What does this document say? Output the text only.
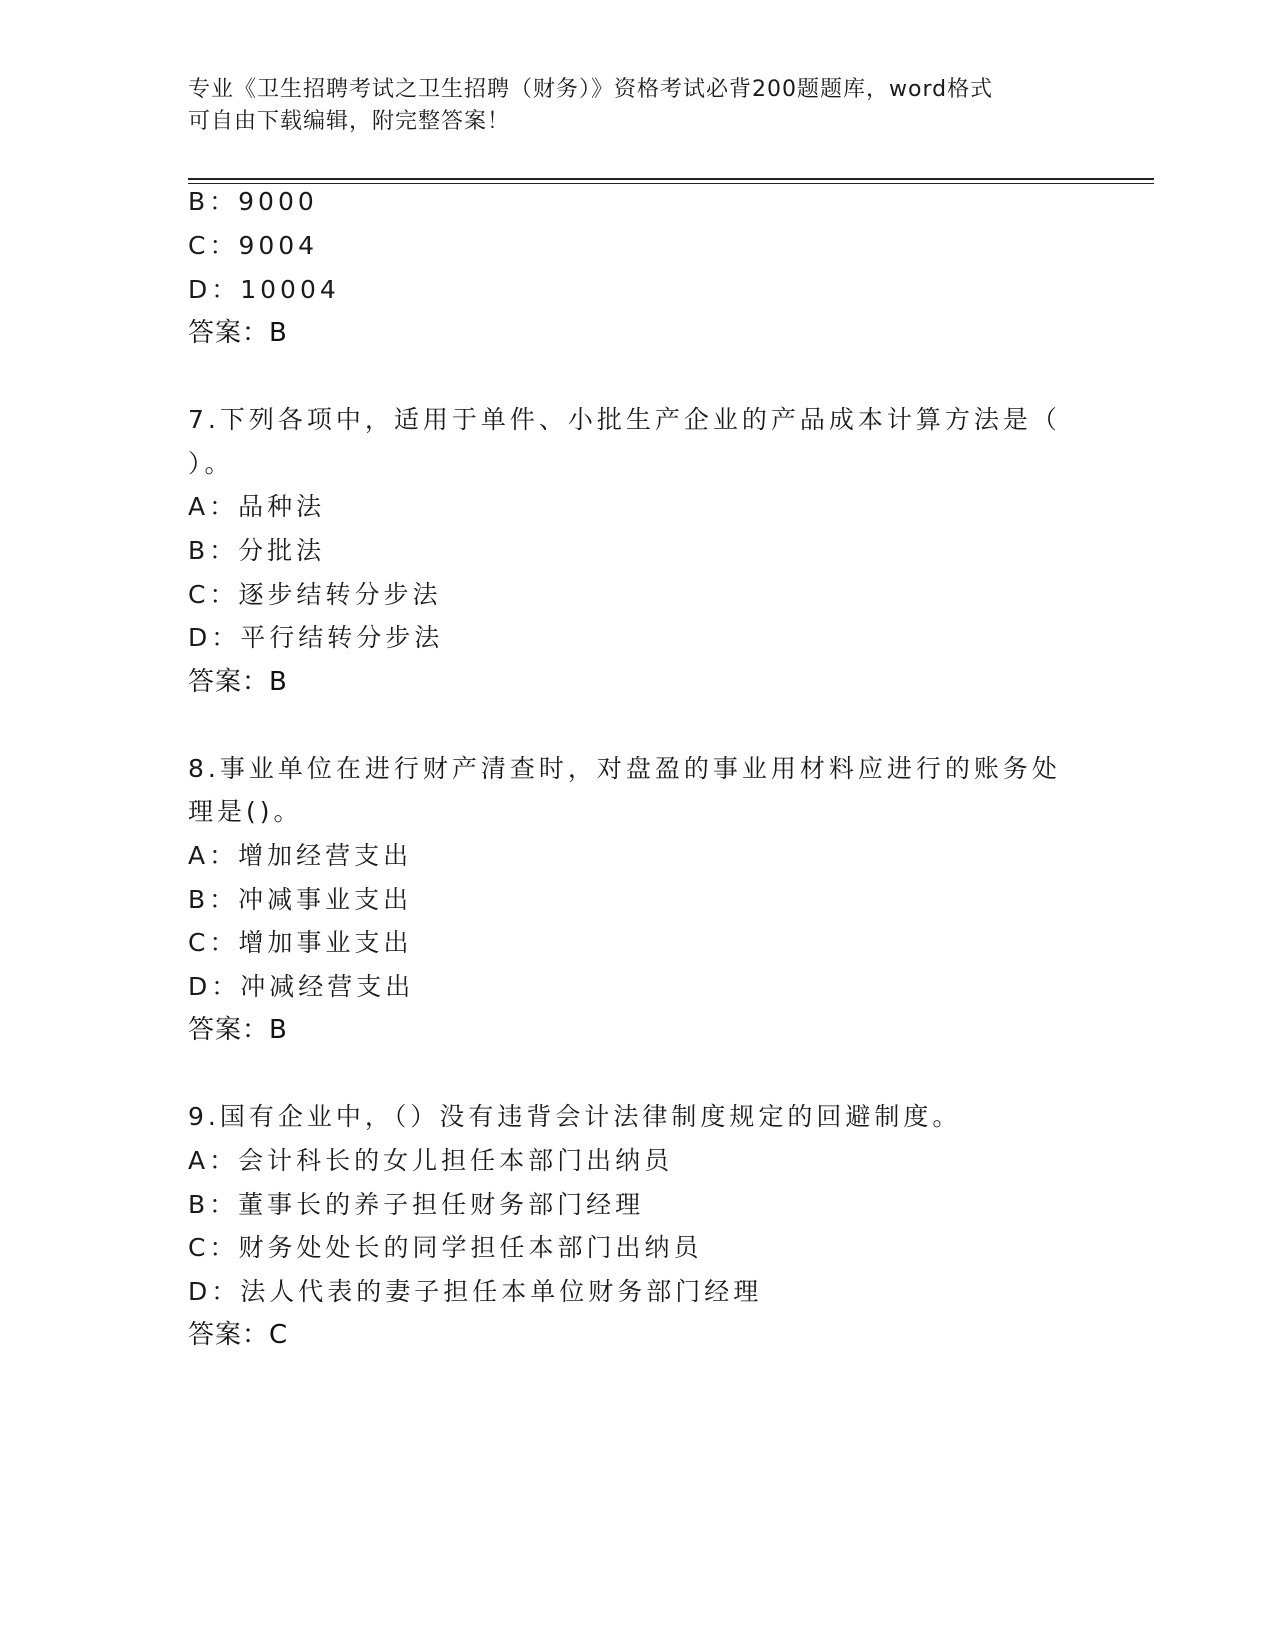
专业《卫生招聘考试之卫生招聘（财务）》资格考试必背200题题库，word格式
可自由下载编辑，附完整答案！
B：9000
C：9004
D：10004
答案：B
7.下列各项中，适用于单件、小批生产企业的产品成本计算方法是（
）。
A：品种法
B：分批法
C：逐步结转分步法
D：平行结转分步法
答案：B
8.事业单位在进行财产清查时，对盘盈的事业用材料应进行的账务处
理是()。
A：增加经营支出
B：冲减事业支出
C：增加事业支出
D：冲减经营支出
答案：B
9.国有企业中，（）没有违背会计法律制度规定的回避制度。
A：会计科长的女儿担任本部门出纳员
B：董事长的养子担任财务部门经理
C：财务处处长的同学担任本部门出纳员
D：法人代表的妻子担任本单位财务部门经理
答案：C
